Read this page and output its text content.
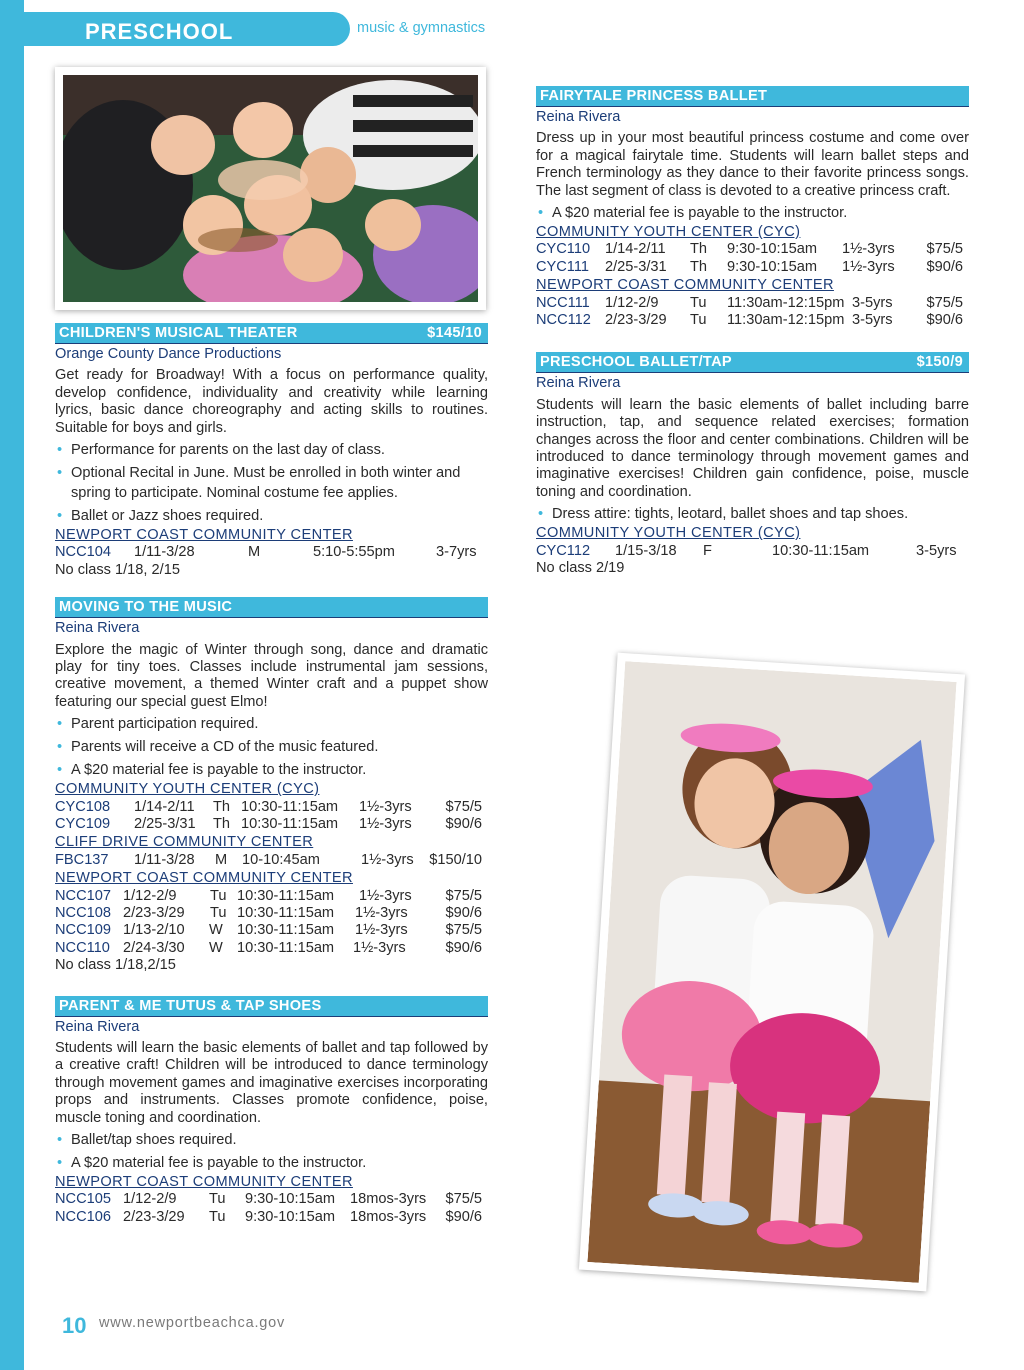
PRESCHOOL	music & gymnastics
CHILDREN'S MUSICAL THEATER	$145/10
Orange County Dance Productions
Get ready for Broadway! With a focus on performance quality, develop confidence, individuality and creativity while learning lyrics, basic dance choreography and acting skills to routines. Suitable for boys and girls.
• Performance for parents on the last day of class.
• Optional Recital in June. Must be enrolled in both winter and spring to participate. Nominal costume fee applies.
• Ballet or Jazz shoes required.
NEWPORT COAST COMMUNITY CENTER
NCC104 1/11-3/28	M	5:10-5:55pm	3-7yrs
No class 1/18, 2/15
MOVING TO THE MUSIC
Reina Rivera
Explore the magic of Winter through song, dance and dramatic play for tiny toes. Classes include instrumental jam sessions, creative movement, a themed Winter craft and a puppet show featuring our special guest Elmo!
• Parent participation required.
• Parents will receive a CD of the music featured.
• A $20 material fee is payable to the instructor.
COMMUNITY YOUTH CENTER (CYC)
CYC108 1/14-2/11 Th 10:30-11:15am 1½-3yrs $75/5
CYC109 2/25-3/31 Th 10:30-11:15am 1½-3yrs $90/6
CLIFF DRIVE COMMUNITY CENTER
FBC137 1/11-3/28 M 10-10:45am	1½-3yrs $150/10
NEWPORT COAST COMMUNITY CENTER
NCC107 1/12-2/9 Tu 10:30-11:15am 1½-3yrs $75/5
NCC108 2/23-3/29 Tu 10:30-11:15am 1½-3yrs	$90/6
NCC109 1/13-2/10 W 10:30-11:15am 1½-3yrs	$75/5
NCC110 2/24-3/30 W 10:30-11:15am 1½-3yrs	$90/6
No class 1/18,2/15
PARENT & ME TUTUS & TAP SHOES
Reina Rivera
Students will learn the basic elements of ballet and tap followed by a creative craft! Children will be introduced to dance terminology through movement games and imaginative exercises incorporating props and instruments. Classes promote confidence, poise, muscle toning and coordination.
• Ballet/tap shoes required.
• A $20 material fee is payable to the instructor.
NEWPORT COAST COMMUNITY CENTER
NCC105 1/12-2/9 Tu 9:30-10:15am 18mos-3yrs $75/5
NCC106 2/23-3/29 Tu 9:30-10:15am 18mos-3yrs $90/6
FAIRYTALE PRINCESS BALLET
Reina Rivera
Dress up in your most beautiful princess costume and come over for a magical fairytale time. Students will learn ballet steps and French terminology as they dance to their favorite princess songs. The last segment of class is devoted to a creative princess craft.
• A $20 material fee is payable to the instructor.
COMMUNITY YOUTH CENTER (CYC)
CYC110 1/14-2/11 Th 9:30-10:15am 1½-3yrs $75/5
CYC111 2/25-3/31 Th 9:30-10:15am 1½-3yrs $90/6
NEWPORT COAST COMMUNITY CENTER
NCC111 1/12-2/9 Tu 11:30am-12:15pm 3-5yrs $75/5
NCC112 2/23-3/29 Tu 11:30am-12:15pm 3-5yrs $90/6
PRESCHOOL BALLET/TAP	$150/9
Reina Rivera
Students will learn the basic elements of ballet including barre instruction, tap, and sequence related exercises; formation changes across the floor and center combinations. Children will be introduced to dance terminology through movement games and imaginative exercises! Children gain confidence, poise, muscle toning and coordination.
• Dress attire: tights, leotard, ballet shoes and tap shoes.
COMMUNITY YOUTH CENTER (CYC)
CYC112 1/15-3/18 F	10:30-11:15am	3-5yrs
No class 2/19
10 www.newportbeachca.gov
